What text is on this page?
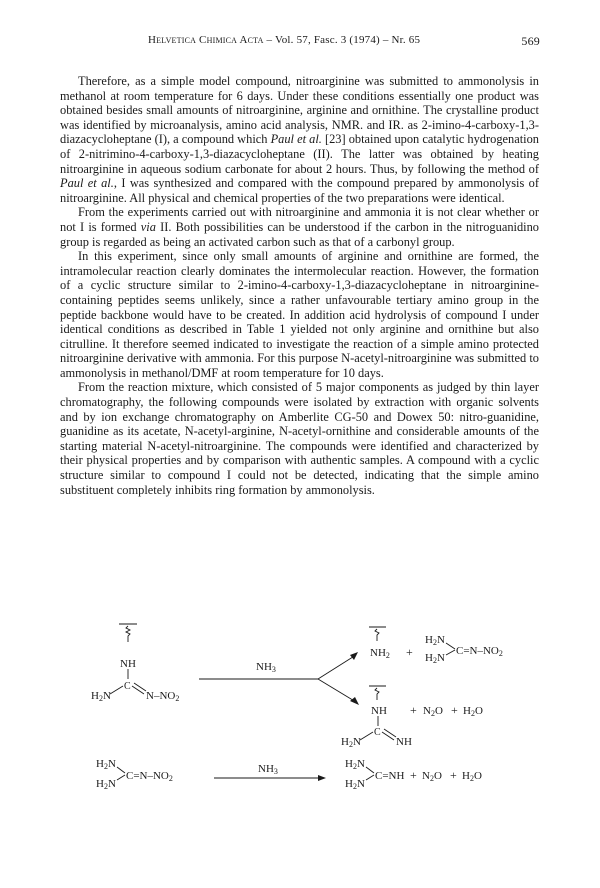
Helvetica Chimica Acta – Vol. 57, Fasc. 3 (1974) – Nr. 65	569

Therefore, as a simple model compound, nitroarginine was submitted to ammonolysis in methanol at room temperature for 6 days. Under these conditions essentially one product was obtained besides small amounts of nitroarginine, arginine and ornithine. The crystalline product was identified by microanalysis, amino acid analysis, NMR. and IR. as 2-imino-4-carboxy-1,3-diazacycloheptane (I), a compound which Paul et al. [23] obtained upon catalytic hydrogenation of 2-nitrimino-4-carboxy-1,3-diazacycloheptane (II). The latter was obtained by heating nitroarginine in aqueous sodium carbonate for about 2 hours. Thus, by following the method of Paul et al., I was synthesized and compared with the compound prepared by ammonolysis of nitroarginine. All physical and chemical properties of the two preparations were identical.

From the experiments carried out with nitroarginine and ammonia it is not clear whether or not I is formed via II. Both possibilities can be understood if the carbon in the nitroguanidino group is regarded as being an activated carbon such as that of a carbonyl group.

In this experiment, since only small amounts of arginine and ornithine are formed, the intramolecular reaction clearly dominates the intermolecular reaction. However, the formation of a cyclic structure similar to 2-imino-4-carboxy-1,3-diazacycloheptane in nitroarginine-containing peptides seems unlikely, since a rather unfavourable tertiary amino group in the peptide backbone would have to be created. In addition acid hydrolysis of compound I under identical conditions as described in Table 1 yielded not only arginine and ornithine but also citrulline. It therefore seemed indicated to investigate the reaction of a simple amino protected nitroarginine derivative with ammonia. For this purpose N-acetyl-nitroarginine was submitted to ammonolysis in methanol/DMF at room temperature for 10 days.

From the reaction mixture, which consisted of 5 major components as judged by thin layer chromatography, the following compounds were isolated by extraction with organic solvents and by ion exchange chromatography on Amberlite CG-50 and Dowex 50: nitro-guanidine, guanidine as its acetate, N-acetyl-arginine, N-acetyl-ornithine and considerable amounts of the starting material N-acetyl-nitroarginine. The compounds were identified and characterized by their physical properties and by comparison with authentic samples. A compound with a cyclic structure similar to compound I could not be detected, indicating that the simple amino substituent completely inhibits ring formation by ammonolysis.

NH
C
H2N	N–NO2
NH3
NH2 +
H2N
H2N
C=N–NO2
NH
C
H2N	NH
+ N2O + H2O
H2N
H2N
C=N–NO2
NH3
H2N
H2N
C=NH + N2O + H2O
